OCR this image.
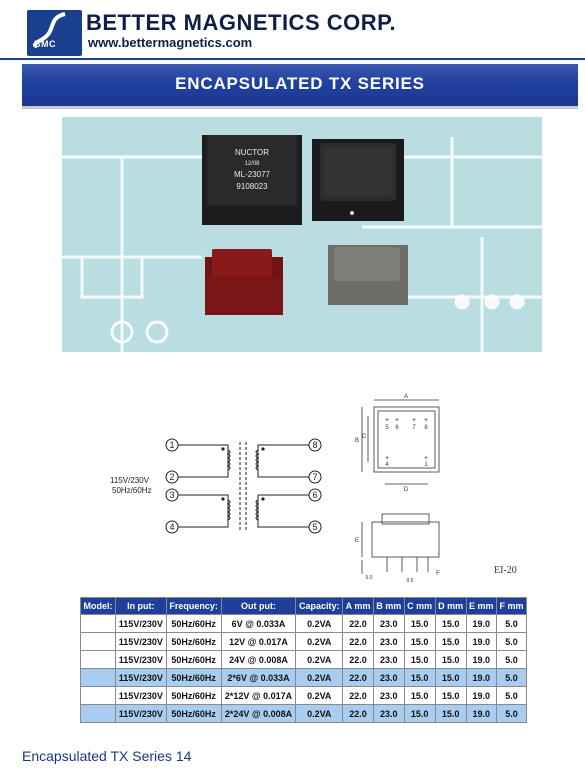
BMC
BETTER MAGNETICS CORP.
www.bettermagnetics.com
ENCAPSULATED TX SERIES
NUCTOR
12/08
ML-23077
9108023
1
2
3
4	5
6
7
8
115V/230V
50Hz/60Hz
A
B
C
D
E
F
5 6 7 8
4	1
5.0	0.5
+ + + +
+	+
EI-20
Model:	In put:	Frequency:	Out put:	Capacity:	A mm	B mm	C mm	D mm	E mm	F mm
	115V/230V	50Hz/60Hz	6V @ 0.033A	0.2VA	22.0	23.0	15.0	15.0	19.0	5.0
	115V/230V	50Hz/60Hz	12V @ 0.017A	0.2VA	22.0	23.0	15.0	15.0	19.0	5.0
	115V/230V	50Hz/60Hz	24V @ 0.008A	0.2VA	22.0	23.0	15.0	15.0	19.0	5.0
	115V/230V	50Hz/60Hz	2*6V @ 0.033A	0.2VA	22.0	23.0	15.0	15.0	19.0	5.0
	115V/230V	50Hz/60Hz	2*12V @ 0.017A	0.2VA	22.0	23.0	15.0	15.0	19.0	5.0
	115V/230V	50Hz/60Hz	2*24V @ 0.008A	0.2VA	22.0	23.0	15.0	15.0	19.0	5.0
Encapsulated TX Series 14
